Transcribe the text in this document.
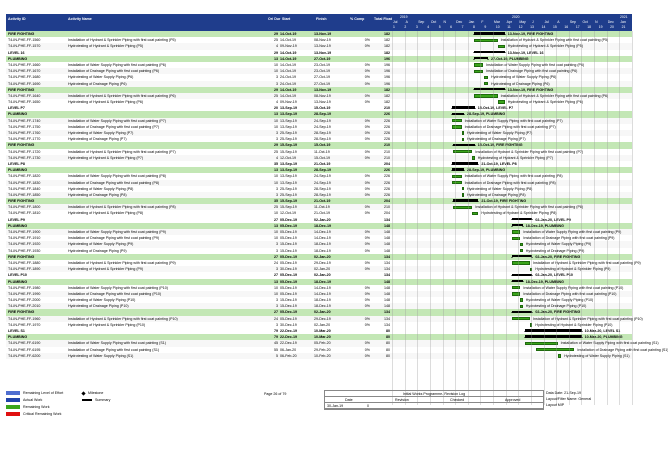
Activity ID	Activity Name	Ori Dur Start	Finish	% Comp	Total Float 2019	2020	2021
Jul A	Sep Oct N	Dec Jan F	Mar Apr May J	Jul A	Sep Oct N	Dec Jan
1	2	3	4	5	6	7	8	9	10 11 12 13 14 15 16 17 18 19 20 21
FIRE FIGHTING	29 14-Oct-19	13-Nov-19	182	13-Nov-19, FIRE FIGHTING
T4-IN-PHE-FF-1560	Installation of Hydrant & Sprinkler Piping with first coat painting (P5)	25 14-Oct-19	08-Nov-19	0%	182	Installation of Hydrant & Sprinkler Piping with first coat painting (P5)
T4-IN-PHE-FF-1570	Hydrotesting of Hydrant & Sprinkler Piping (P5)	4 09-Nov-19	13-Nov-19	0%	182	Hydrotesting of Hydrant & Sprinkler Piping (P5)
LEVEL 16	29 14-Oct-19	13-Nov-19	182	13-Nov-19, LEVEL 16
PLUMBING	13 14-Oct-19	27-Oct-19	196	27-Oct-19, PLUMBING
T4-IN-PHE-FF-1660	Installation of Water Supply Piping with first coat painting (P6)	10 14-Oct-19	23-Oct-19	0%	196	Installation of Water Supply Piping with first coat painting (P6)
T4-IN-PHE-FF-1670	Installation of Drainage Piping with first coat painting (P6)	10 14-Oct-19	23-Oct-19	0%	196	Installation of Drainage Piping with first coat painting (P6)
T4-IN-PHE-FF-1680	Hydrotesting of Water Supply Piping (P6)	3 24-Oct-19	27-Oct-19	0%	196	Hydrotesting of Water Supply Piping (P6)
T4-IN-PHE-FF-1690	Hydrotesting of Drainage Piping (P6)	3 24-Oct-19	27-Oct-19	0%	196	Hydrotesting of Drainage Piping (P6)
FIRE FIGHTING	29 14-Oct-19	13-Nov-19	182	13-Nov-19, FIRE FIGHTING
T4-IN-PHE-FF-1640	Installation of Hydrant & Sprinkler Piping with first coat painting (P6)	25 14-Oct-19	08-Nov-19	0%	182	Installation of Hydrant & Sprinkler Piping with first coat painting (P6)
T4-IN-PHE-FF-1650	Hydrotesting of Hydrant & Sprinkler Piping (P6)	4 09-Nov-19	13-Nov-19	0%	182	Hydrotesting of Hydrant & Sprinkler Piping (P6)
LEVEL P7	20 13-Sep-19	15-Oct-19	210	15-Oct-19, LEVEL P7
PLUMBING	13 13-Sep-19	28-Sep-19	226	28-Sep-19, PLUMBING
T4-IN-PHE-FF-1740	Installation of Water Supply Piping with first coat painting (P7)	10 13-Sep-19	24-Sep-19	0%	226	Installation of Water Supply Piping with first coat painting (P7)
T4-IN-PHE-FF-1750	Installation of Drainage Piping with first coat painting (P7)	10 13-Sep-19	24-Sep-19	0%	226	Installation of Drainage Piping with first coat painting (P7)
T4-IN-PHE-FF-1760	Hydrotesting of Water Supply Piping (P7)	3 25-Sep-19	28-Sep-19	0%	226	Hydrotesting of Water Supply Piping (P7)
T4-IN-PHE-FF-1770	Hydrotesting of Drainage Piping (P7)	3 25-Sep-19	28-Sep-19	0%	226	Hydrotesting of Drainage Piping (P7)
FIRE FIGHTING	29 15-Sep-19	15-Oct-19	210	15-Oct-19, FIRE FIGHTING
T4-IN-PHE-FF-1720	Installation of Hydrant & Sprinkler Piping with first coat painting (P7)	25 15-Sep-19	11-Oct-19	0%	210	Installation of Hydrant & Sprinkler Piping with first coat painting (P7)
T4-IN-PHE-FF-1730	Hydrotesting of Hydrant & Sprinkler Piping (P7)	4 12-Oct-19	15-Oct-19	0%	210	Hydrotesting of Hydrant & Sprinkler Piping (P7)
LEVEL P8	35 13-Sep-19	21-Oct-19	204	21-Oct-19, LEVEL P8
PLUMBING	13 13-Sep-19	28-Sep-19	226	28-Sep-19, PLUMBING
T4-IN-PHE-FF-1820	Installation of Water Supply Piping with first coat painting (P8)	10 13-Sep-19	24-Sep-19	0%	226	Installation of Water Supply Piping with first coat painting (P8)
T4-IN-PHE-FF-1830	Installation of Drainage Piping with first coat painting (P8)	10 13-Sep-19	24-Sep-19	0%	226	Installation of Drainage Piping with first coat painting (P8)
T4-IN-PHE-FF-1840	Hydrotesting of Water Supply Piping (P8)	3 25-Sep-19	28-Sep-19	0%	226	Hydrotesting of Water Supply Piping (P8)
T4-IN-PHE-FF-1850	Hydrotesting of Drainage Piping (P8)	3 25-Sep-19	28-Sep-19	0%	226	Hydrotesting of Drainage Piping (P8)
FIRE FIGHTING	35 15-Sep-19	21-Oct-19	204	21-Oct-19, FIRE FIGHTING
T4-IN-PHE-FF-1800	Installation of Hydrant & Sprinkler Piping with first coat painting (P8)	25 15-Sep-19	11-Oct-19	0%	210	Installation of Hydrant & Sprinkler Piping with first coat painting (P8)
T4-IN-PHE-FF-1810	Hydrotesting of Hydrant & Sprinkler Piping (P8)	10 12-Oct-19	21-Oct-19	0%	204	Hydrotesting of Hydrant & Sprinkler Piping (P8)
LEVEL P9	27 05-Dec-19	02-Jan-20	134	02-Jan-20, LEVEL P9
PLUMBING	13 05-Dec-19	18-Dec-19	148	18-Dec-19, PLUMBING
T4-IN-PHE-FF-1900	Installation of Water Supply Piping with first coat painting (P9)	10 05-Dec-19	14-Dec-19	0%	148	Installation of Water Supply Piping with first coat painting (P9)
T4-IN-PHE-FF-1910	Installation of Drainage Piping with first coat painting (P9)	10 05-Dec-19	14-Dec-19	0%	148	Installation of Drainage Piping with first coat painting (P9)
T4-IN-PHE-FF-1920	Hydrotesting of Water Supply Piping (P9)	3 15-Dec-19	18-Dec-19	0%	148	Hydrotesting of Water Supply Piping (P9)
T4-IN-PHE-FF-1930	Hydrotesting of Drainage Piping (P9)	3 15-Dec-19	18-Dec-19	0%	148	Hydrotesting of Drainage Piping (P9)
FIRE FIGHTING	27 05-Dec-19	02-Jan-20	134	02-Jan-20, FIRE FIGHTING
T4-IN-PHE-FF-1880	Installation of Hydrant & Sprinkler Piping with first coat painting (P9)	24 05-Dec-19	29-Dec-19	0%	134	Installation of Hydrant & Sprinkler Piping with first coat painting (P9)
T4-IN-PHE-FF-1890	Hydrotesting of Hydrant & Sprinkler Piping (P9)	3 30-Dec-19	02-Jan-20	0%	134	Hydrotesting of Hydrant & Sprinkler Piping (P9)
LEVEL P10	27 05-Dec-19	02-Jan-20	134	02-Jan-20, LEVEL P10
PLUMBING	13 05-Dec-19	18-Dec-19	148	18-Dec-19, PLUMBING
T4-IN-PHE-FF-1980	Installation of Water Supply Piping with first coat painting (P10)	10 05-Dec-19	14-Dec-19	0%	148	Installation of Water Supply Piping with first coat painting (P10)
T4-IN-PHE-FF-1990	Installation of Drainage Piping with first coat painting (P10)	10 05-Dec-19	14-Dec-19	0%	148	Installation of Drainage Piping with first coat painting (P10)
T4-IN-PHE-FF-2000	Hydrotesting of Water Supply Piping (P10)	3 15-Dec-19	18-Dec-19	0%	148	Hydrotesting of Water Supply Piping (P10)
T4-IN-PHE-FF-2010	Hydrotesting of Drainage Piping (P10)	3 15-Dec-19	18-Dec-19	0%	148	Hydrotesting of Drainage Piping (P10)
FIRE FIGHTING	27 05-Dec-19	02-Jan-20	134	02-Jan-20, FIRE FIGHTING
T4-IN-PHE-FF-1960	Installation of Hydrant & Sprinkler Piping with first coat painting (P10)	24 05-Dec-19	29-Dec-19	0%	134	Installation of Hydrant & Sprinkler Piping with first coat painting (P10)
T4-IN-PHE-FF-1970	Hydrotesting of Hydrant & Sprinkler Piping (P10)	3 30-Dec-19	02-Jan-20	0%	134	Hydrotesting of Hydrant & Sprinkler Piping (P10)
LEVEL S1	79 22-Dec-19	10-Mar-20	80	10-Mar-20, LEVEL S1
PLUMBING	79 22-Dec-19	10-Mar-20	80	10-Mar-20, PLUMBING
T4-IN-PHE-FF-6190	Installation of Water Supply Piping with first coat painting (S1)	45 22-Dec-19	05-Feb-20	0%	80	Installation of Water Supply Piping with first coat painting (S1)
T4-IN-PHE-FF-6195	Installation of Drainage Piping with first coat painting (S1)	55 06-Jan-20	29-Feb-20	0%	80	Installation of Drainage Piping with first coat painting (S1)
T4-IN-PHE-FF-6200	Hydrotesting of Water Supply Piping (S1)	5 06-Feb-20	10-Feb-20	0%	80	Hydrotesting of Water Supply Piping (S1)
Remaining Level of Effort
Actual Work
Remaining Work
Critical Remaining Work
Milestone
Summary
Page 26 of 79	Initial Works Programme- Revision Log
Date	Revision	Checked	Approved
30-Jan-19	0
Data Date: 21-Sep-19
Layout/Filter Name: General
Layout MIP
